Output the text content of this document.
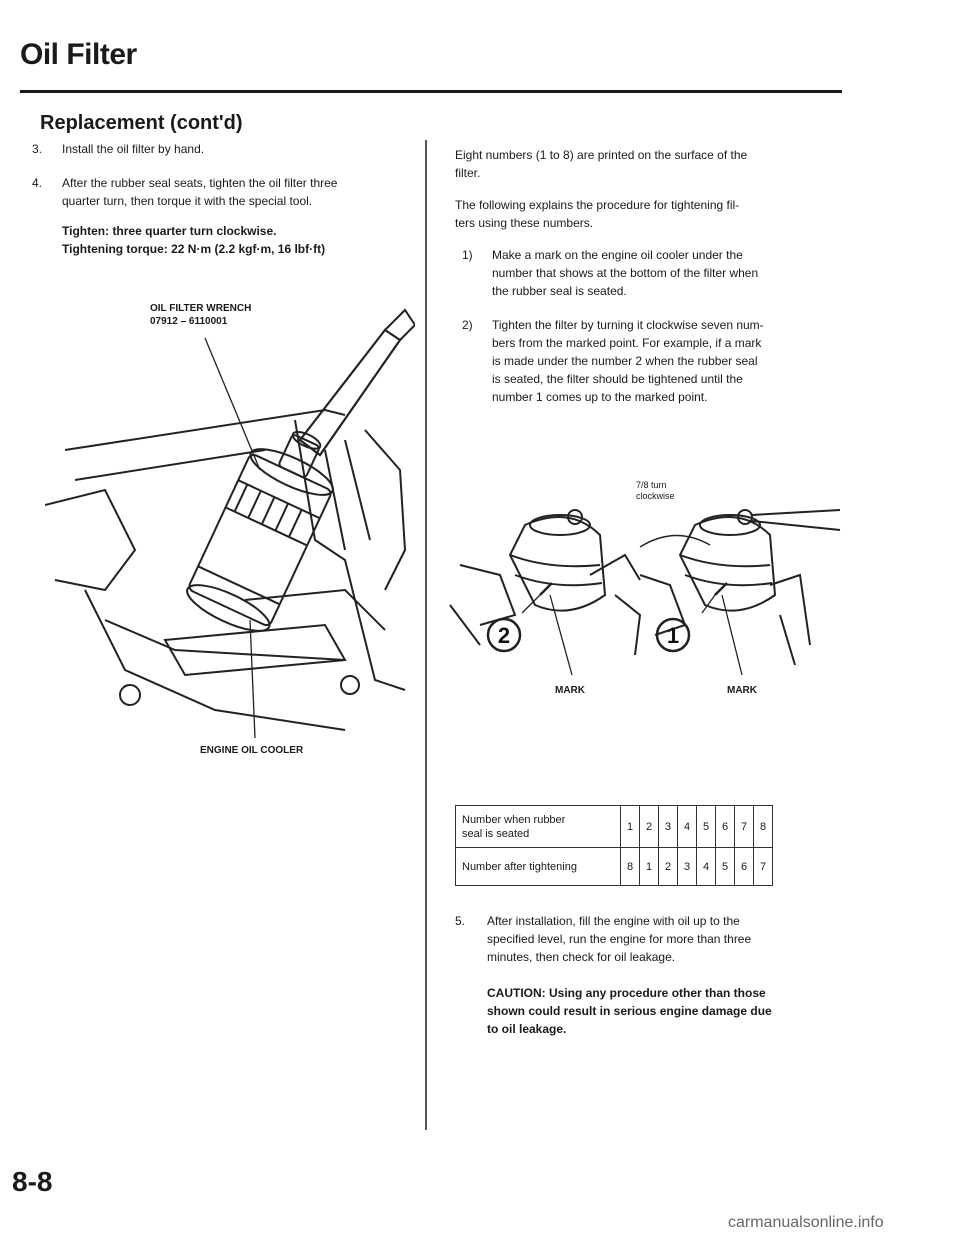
Oil Filter
Replacement (cont'd)
3. Install the oil filter by hand.
4. After the rubber seal seats, tighten the oil filter three
quarter turn, then torque it with the special tool.
Tighten: three quarter turn clockwise.
Tightening torque: 22 N·m (2.2 kgf·m, 16 lbf·ft)
OIL FILTER WRENCH
07912 – 6110001
ENGINE OIL COOLER
Eight numbers (1 to 8) are printed on the surface of the
filter.
The following explains the procedure for tightening fil-
ters using these numbers.
1) Make a mark on the engine oil cooler under the
number that shows at the bottom of the filter when
the rubber seal is seated.
2) Tighten the filter by turning it clockwise seven num-
bers from the marked point. For example, if a mark
is made under the number 2 when the rubber seal
is seated, the filter should be tightened until the
number 1 comes up to the marked point.
7/8 turn
clockwise
2	1
MARK	MARK
Number when rubber
seal is seated	1	2	3	4	5	6	7	8
Number after tightening	8	1	2	3	4	5	6	7
5. After installation, fill the engine with oil up to the
specified level, run the engine for more than three
minutes, then check for oil leakage.
CAUTION: Using any procedure other than those
shown could result in serious engine damage due
to oil leakage.
8-8
carmanualsonline.info
